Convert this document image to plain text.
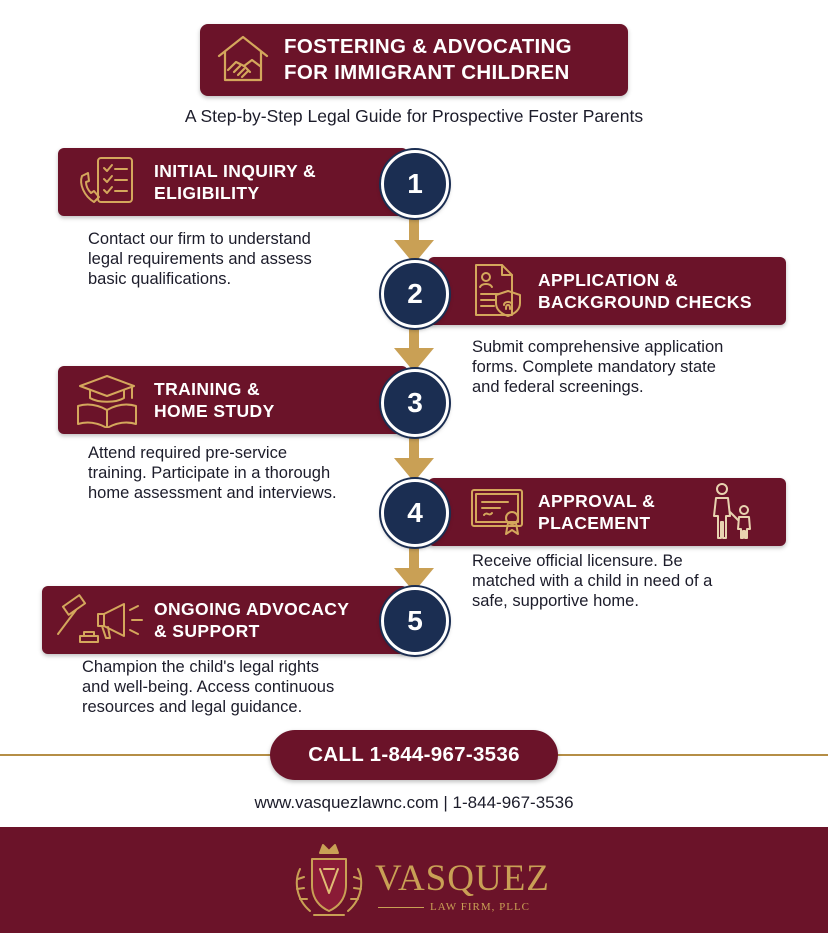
FOSTERING & ADVOCATING
FOR IMMIGRANT CHILDREN
A Step-by-Step Legal Guide for Prospective Foster Parents
INITIAL INQUIRY &
ELIGIBILITY	1
Contact our firm to understand
legal requirements and assess
basic qualifications.	APPLICATION &
BACKGROUND CHECKS
2
Submit comprehensive application
forms. Complete mandatory state
and federal screenings.
TRAINING &
HOME STUDY	3
Attend required pre-service
training. Participate in a thorough
home assessment and interviews.	APPROVAL &
PLACEMENT
4
Receive official licensure. Be
matched with a child in need of a
safe, supportive home.
ONGOING ADVOCACY
& SUPPORT	5
Champion the child's legal rights
and well-being. Access continuous
resources and legal guidance.
CALL 1-844-967-3536
www.vasquezlawnc.com | 1-844-967-3536
VASQUEZ
LAW FIRM, PLLC
